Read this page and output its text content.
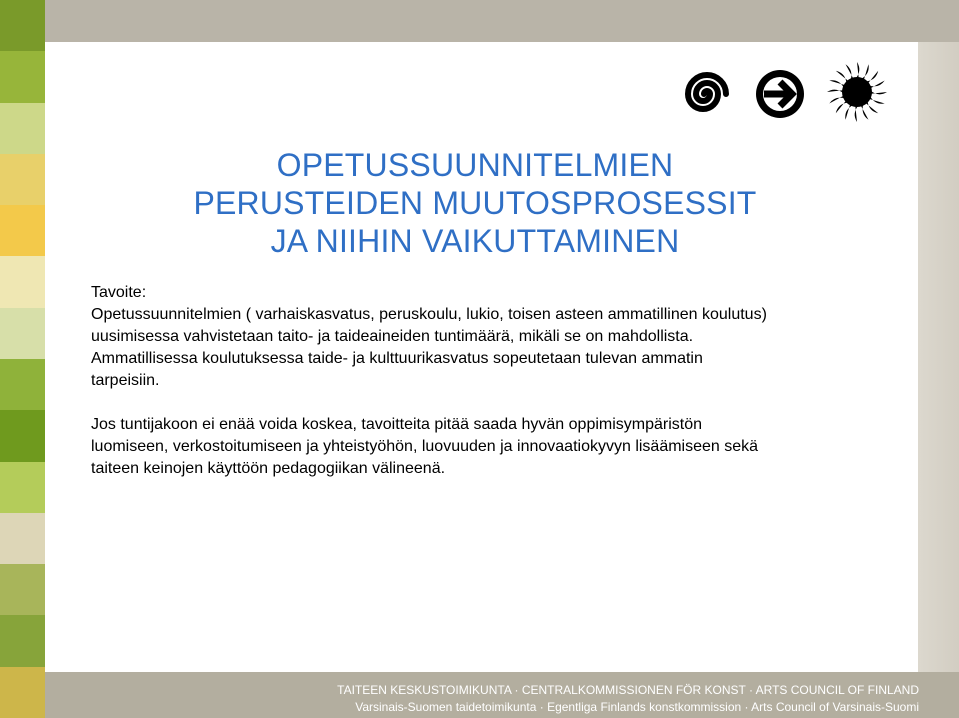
OPETUSSUUNNITELMIEN
PERUSTEIDEN MUUTOSPROSESSIT
JA NIIHIN VAIKUTTAMINEN

Tavoite:

Opetussuunnitelmien ( varhaiskasvatus, peruskoulu, lukio, toisen asteen ammatillinen koulutus)

uusimisessa vahvistetaan taito- ja taideaineiden tuntimäärä, mikäli se on mahdollista.

Ammatillisessa koulutuksessa taide- ja kulttuurikasvatus sopeutetaan tulevan ammatin

tarpeisiin.

Jos tuntijakoon ei enää voida koskea, tavoitteita pitää saada hyvän oppimisympäristön

luomiseen, verkostoitumiseen ja yhteistyöhön, luovuuden ja innovaatiokyvyn lisäämiseen sekä

taiteen keinojen käyttöön pedagogiikan välineenä.

TAITEEN KESKUSTOIMIKUNTA · CENTRALKOMMISSIONEN FÖR KONST · ARTS COUNCIL OF FINLAND
Varsinais-Suomen taidetoimikunta · Egentliga Finlands konstkommission · Arts Council of Varsinais-Suomi
